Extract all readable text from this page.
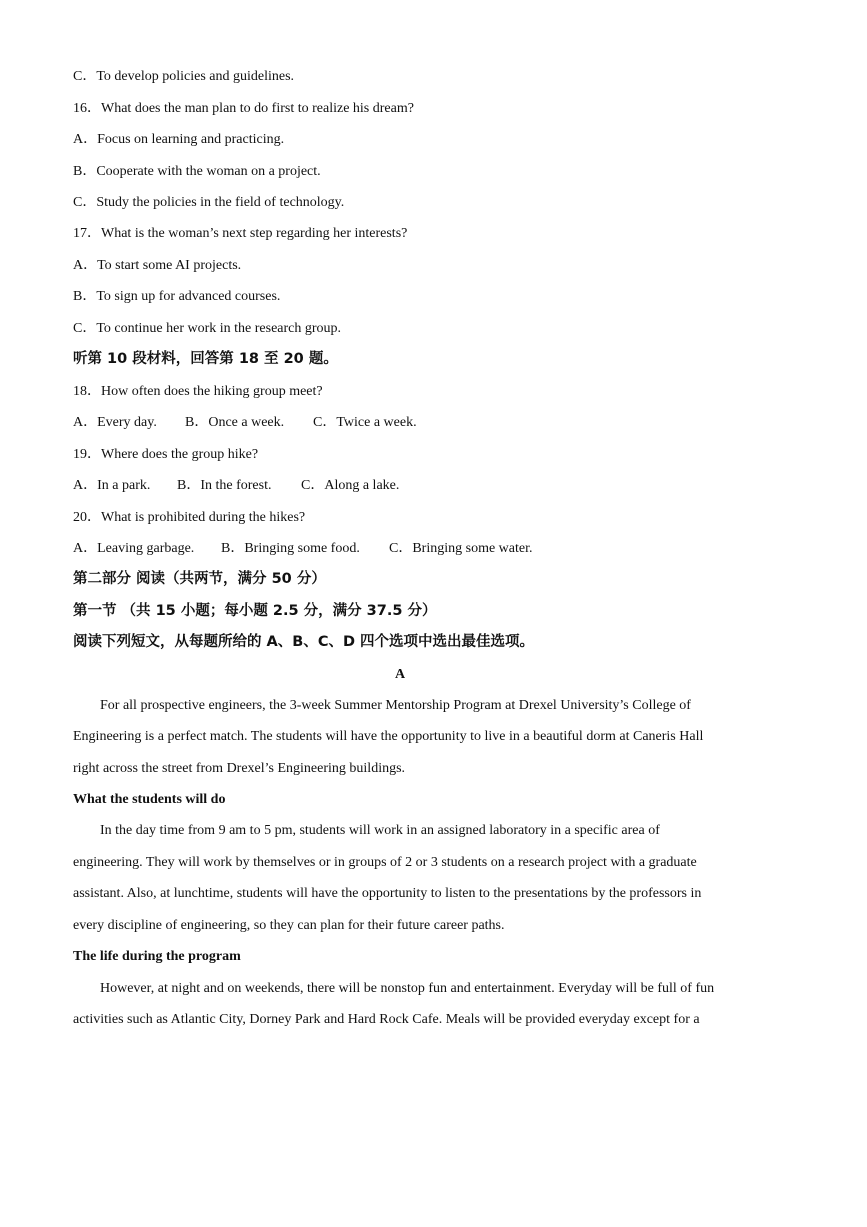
C．To develop policies and guidelines.
16．What does the man plan to do first to realize his dream?
A．Focus on learning and practicing.
B．Cooperate with the woman on a project.
C．Study the policies in the field of technology.
17．What is the woman’s next step regarding her interests?
A．To start some AI projects.
B．To sign up for advanced courses.
C．To continue her work in the research group.
听第 10 段材料，回答第 18 至 20 题。
18．How often does the hiking group meet?
A．Every day. B．Once a week. C．Twice a week.
19．Where does the group hike?
A．In a park. B．In the forest. C．Along a lake.
20．What is prohibited during the hikes?
A．Leaving garbage. B．Bringing some food. C．Bringing some water.
第二部分 阅读（共两节，满分 50 分）
第一节 （共 15 小题；每小题 2.5 分，满分 37.5 分）
阅读下列短文，从每题所给的 A、B、C、D 四个选项中选出最佳选项。
A
For all prospective engineers, the 3-week Summer Mentorship Program at Drexel University’s College of
Engineering is a perfect match. The students will have the opportunity to live in a beautiful dorm at Caneris Hall
right across the street from Drexel’s Engineering buildings.
What the students will do
In the day time from 9 am to 5 pm, students will work in an assigned laboratory in a specific area of
engineering. They will work by themselves or in groups of 2 or 3 students on a research project with a graduate
assistant. Also, at lunchtime, students will have the opportunity to listen to the presentations by the professors in
every discipline of engineering, so they can plan for their future career paths.
The life during the program
However, at night and on weekends, there will be nonstop fun and entertainment. Everyday will be full of fun
activities such as Atlantic City, Dorney Park and Hard Rock Cafe. Meals will be provided everyday except for a
